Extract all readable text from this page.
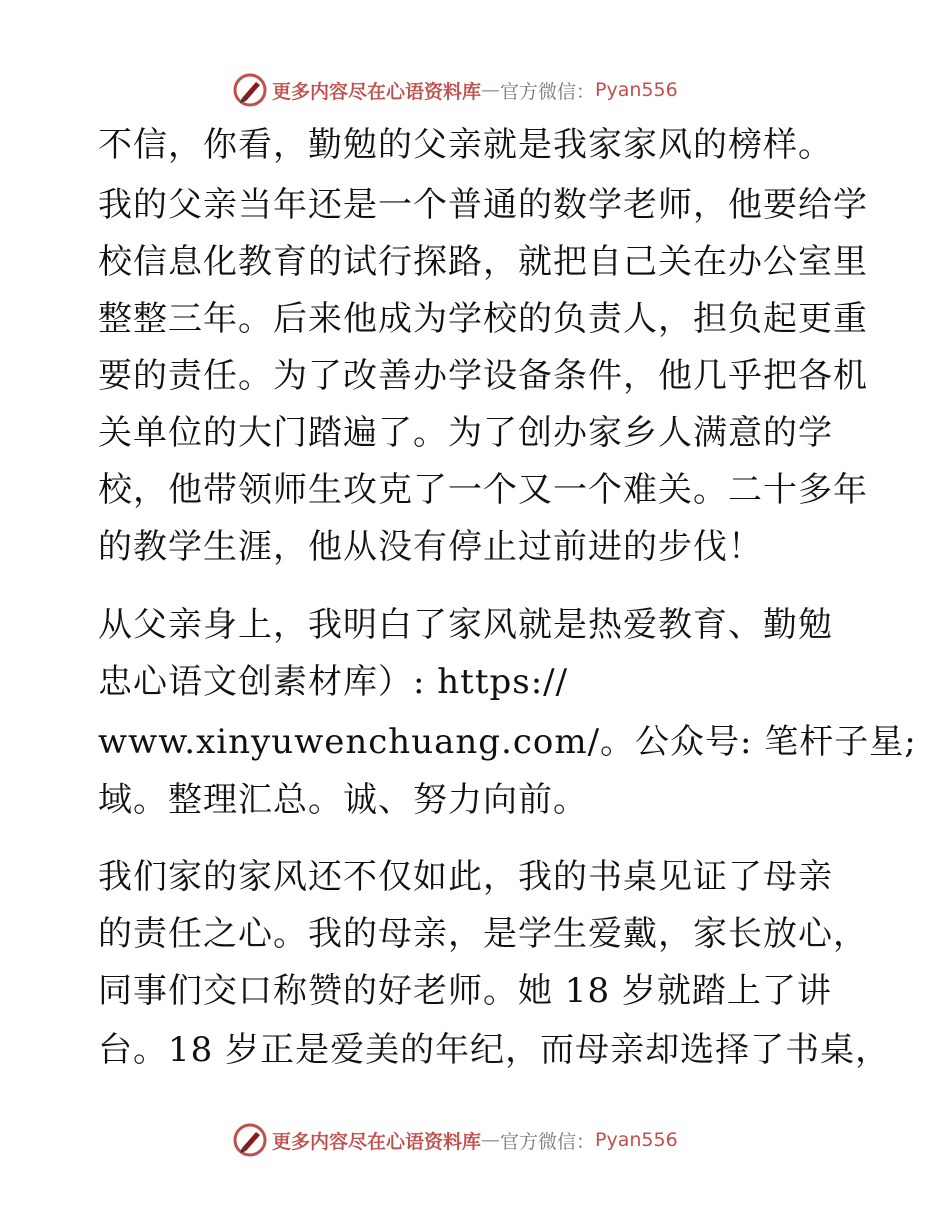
更多内容尽在心语资料库 — 官方微信： Pyan556
不信，你看，勤勉的父亲就是我家家风的榜样。
我的父亲当年还是一个普通的数学老师，他要给学
校信息化教育的试行探路，就把自己关在办公室里
整整三年。后来他成为学校的负责人，担负起更重
要的责任。为了改善办学设备条件，他几乎把各机
关单位的大门踏遍了。为了创办家乡人满意的学
校，他带领师生攻克了一个又一个难关。二十多年
的教学生涯，他从没有停止过前进的步伐！
从父亲身上，我明白了家风就是热爱教育、勤勉
忠心语文创素材库）: https://
www.xinyuwenchuang.com/。公众号: 笔杆子星;
域。整理汇总。诚、努力向前。
我们家的家风还不仅如此，我的书桌见证了母亲
的责任之心。我的母亲，是学生爱戴，家长放心，
同事们交口称赞的好老师。她 18 岁就踏上了讲
台。18 岁正是爱美的年纪，而母亲却选择了书桌，
更多内容尽在心语资料库 — 官方微信： Pyan556
